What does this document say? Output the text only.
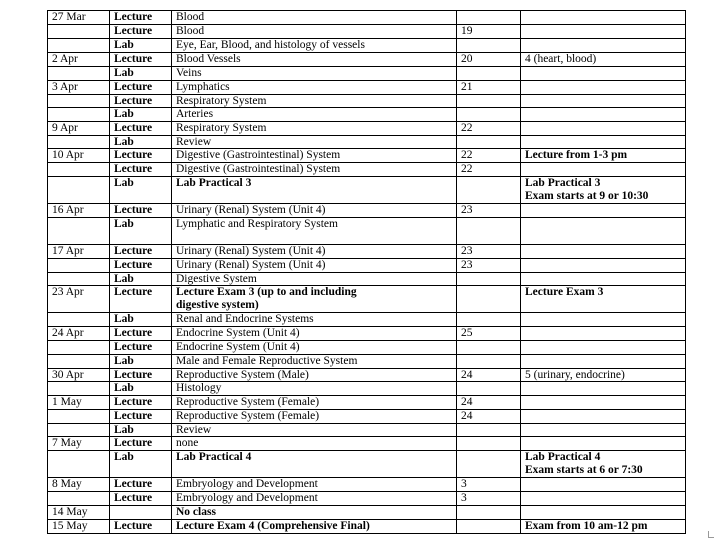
27 Mar	Lecture	Blood		
	Lecture	Blood	19	
	Lab	Eye, Ear, Blood, and histology of vessels		
2 Apr	Lecture	Blood Vessels	20	4 (heart, blood)
	Lab	Veins		
3 Apr	Lecture	Lymphatics	21	
	Lecture	Respiratory System		
	Lab	Arteries		
9 Apr	Lecture	Respiratory System	22	
	Lab	Review		
10 Apr	Lecture	Digestive (Gastrointestinal) System	22	Lecture from 1-3 pm
	Lecture	Digestive (Gastrointestinal) System	22	
	Lab	Lab Practical 3		Lab Practical 3
Exam starts at 9 or 10:30
16 Apr	Lecture	Urinary (Renal) System (Unit 4)	23	
	Lab	Lymphatic and Respiratory System		
17 Apr	Lecture	Urinary (Renal) System (Unit 4)	23	
	Lecture	Urinary (Renal) System (Unit 4)	23	
	Lab	Digestive System		
23 Apr	Lecture	Lecture Exam 3 (up to and including
digestive system)		Lecture Exam 3
	Lab	Renal and Endocrine Systems		
24 Apr	Lecture	Endocrine System (Unit 4)	25	
	Lecture	Endocrine System (Unit 4)		
	Lab	Male and Female Reproductive System		
30 Apr	Lecture	Reproductive System (Male)	24	5 (urinary, endocrine)
	Lab	Histology		
1 May	Lecture	Reproductive System (Female)	24	
	Lecture	Reproductive System (Female)	24	
	Lab	Review		
7 May	Lecture	none		
	Lab	Lab Practical 4		Lab Practical 4
Exam starts at 6 or 7:30
8 May	Lecture	Embryology and Development	3	
	Lecture	Embryology and Development	3	
14 May		No class		
15 May	Lecture	Lecture Exam 4 (Comprehensive Final)		Exam from 10 am-12 pm
